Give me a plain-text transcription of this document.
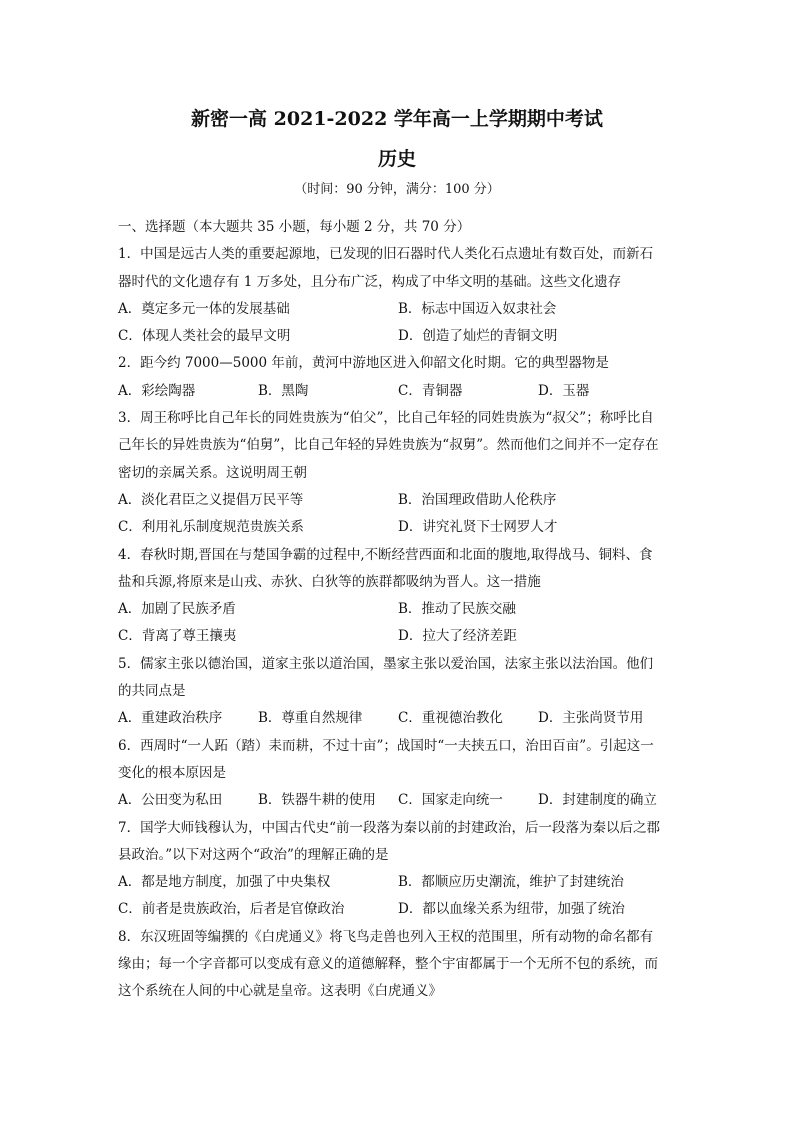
新密一高 2021-2022 学年高一上学期期中考试
历史
（时间：90 分钟，满分：100 分）
一、选择题（本大题共 35 小题，每小题 2 分，共 70 分）
1．中国是远古人类的重要起源地，已发现的旧石器时代人类化石点遗址有数百处，而新石
器时代的文化遗存有 1 万多处，且分布广泛，构成了中华文明的基础。这些文化遗存
A．奠定多元一体的发展基础	B．标志中国迈入奴隶社会
C．体现人类社会的最早文明	D．创造了灿烂的青铜文明
2．距今约 7000—5000 年前，黄河中游地区进入仰韶文化时期。它的典型器物是
A．彩绘陶器	B．黑陶	C．青铜器	D．玉器
3．周王称呼比自己年长的同姓贵族为“伯父”，比自己年轻的同姓贵族为“叔父”；称呼比自
己年长的异姓贵族为“伯舅”，比自己年轻的异姓贵族为“叔舅”。然而他们之间并不一定存在
密切的亲属关系。这说明周王朝
A．淡化君臣之义提倡万民平等	B．治国理政借助人伦秩序
C．利用礼乐制度规范贵族关系	D．讲究礼贤下士网罗人才
4．春秋时期,晋国在与楚国争霸的过程中,不断经营西面和北面的腹地,取得战马、铜料、食
盐和兵源,将原来是山戎、赤狄、白狄等的族群都吸纳为晋人。这一措施
A．加剧了民族矛盾	B．推动了民族交融
C．背离了尊王攘夷	D．拉大了经济差距
5．儒家主张以德治国，道家主张以道治国，墨家主张以爱治国，法家主张以法治国。他们
的共同点是
A．重建政治秩序	B．尊重自然规律	C．重视德治教化	D．主张尚贤节用
6．西周时“一人跖（踏）耒而耕，不过十亩”；战国时“一夫挟五口，治田百亩”。引起这一
变化的根本原因是
A．公田变为私田	B．铁器牛耕的使用	C．国家走向统一	D．封建制度的确立
7．国学大师钱穆认为，中国古代史“前一段落为秦以前的封建政治，后一段落为秦以后之郡
县政治。”以下对这两个“政治”的理解正确的是
A．都是地方制度，加强了中央集权	B．都顺应历史潮流，维护了封建统治
C．前者是贵族政治，后者是官僚政治	D．都以血缘关系为纽带，加强了统治
8．东汉班固等编撰的《白虎通义》将飞鸟走兽也列入王权的范围里，所有动物的命名都有
缘由；每一个字音都可以变成有意义的道德解释，整个宇宙都属于一个无所不包的系统，而
这个系统在人间的中心就是皇帝。这表明《白虎通义》
